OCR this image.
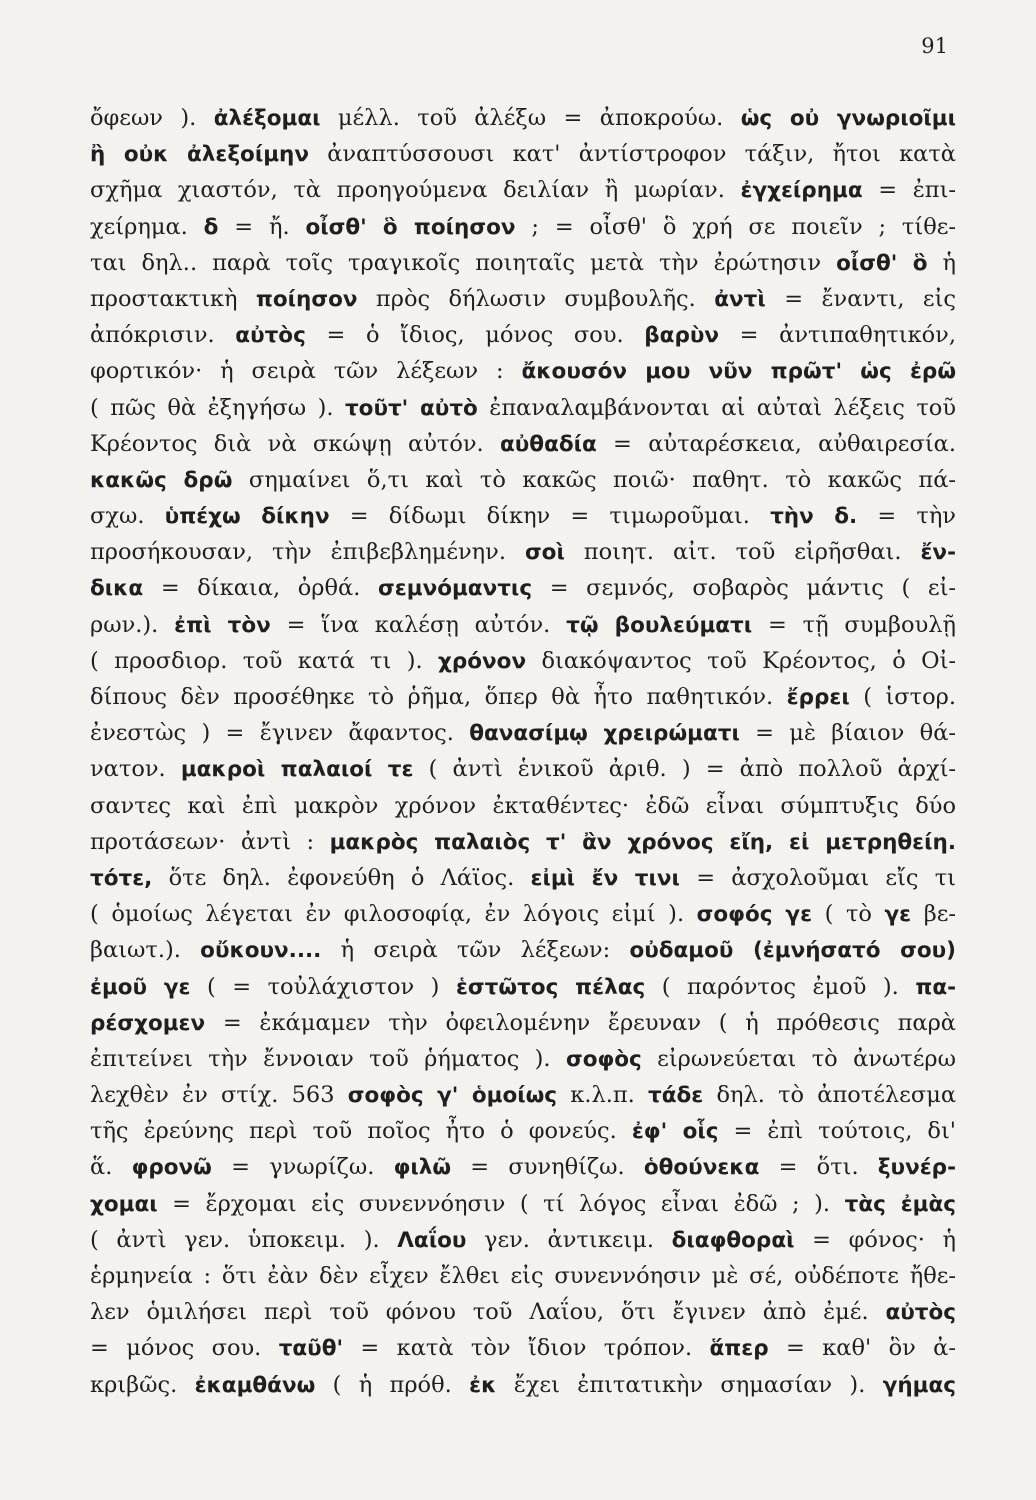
91
ὄφεων ). ἀλέξομαι μέλλ. τοῦ ἀλέξω = ἀποκρούω. ὡς οὐ γνωριοῖμι
ἢ οὐκ ἀλεξοίμην ἀναπτύσσουσι κατ' ἀντίστροφον τάξιν, ἤτοι κατὰ
σχῆμα χιαστόν, τὰ προηγούμενα δειλίαν ἢ μωρίαν. ἐγχείρημα = ἐπι-
χείρημα. δ = ἤ. οἶσθ' ὃ ποίησον ; = οἶσθ' ὃ χρή σε ποιεῖν ; τίθε-
ται δηλ.. παρὰ τοῖς τραγικοῖς ποιηταῖς μετὰ τὴν ἐρώτησιν οἶσθ' ὃ ἡ
προστακτικὴ ποίησον πρὸς δήλωσιν συμβουλῆς. ἀντὶ = ἔναντι, εἰς
ἀπόκρισιν. αὐτὸς = ὁ ἴδιος, μόνος σου. βαρὺν = ἀντιπαθητικόν,
φορτικόν· ἡ σειρὰ τῶν λέξεων : ἄκουσόν μου νῦν πρῶτ' ὡς ἐρῶ
( πῶς θὰ ἐξηγήσω ). τοῦτ' αὐτὸ ἐπαναλαμβάνονται αἱ αὐταὶ λέξεις τοῦ
Κρέοντος διὰ νὰ σκώψῃ αὐτόν. αὐθαδία = αὐταρέσκεια, αὐθαιρεσία.
κακῶς δρῶ σημαίνει ὅ,τι καὶ τὸ κακῶς ποιῶ· παθητ. τὸ κακῶς πά-
σχω. ὑπέχω δίκην = δίδωμι δίκην = τιμωροῦμαι. τὴν δ. = τὴν
προσήκουσαν, τὴν ἐπιβεβλημένην. σοὶ ποιητ. αἰτ. τοῦ εἰρῆσθαι. ἔν-
δικα = δίκαια, ὀρθά. σεμνόμαντις = σεμνός, σοβαρὸς μάντις ( εἰ-
ρων.). ἐπὶ τὸν = ἵνα καλέσῃ αὐτόν. τῷ βουλεύματι = τῇ συμβουλῇ
( προσδιορ. τοῦ κατά τι ). χρόνον διακόψαντος τοῦ Κρέοντος, ὁ Οἰ-
δίπους δὲν προσέθηκε τὸ ῥῆμα, ὅπερ θὰ ἦτο παθητικόν. ἔρρει ( ἱστορ.
ἐνεστὼς ) = ἔγινεν ἄφαντος. θανασίμῳ χρειρώματι = μὲ βίαιον θά-
νατον. μακροὶ παλαιοί τε ( ἀντὶ ἑνικοῦ ἀριθ. ) = ἀπὸ πολλοῦ ἀρχί-
σαντες καὶ ἐπὶ μακρὸν χρόνον ἐκταθέντες· ἐδῶ εἶναι σύμπτυξις δύο
προτάσεων· ἀντὶ : μακρὸς παλαιὸς τ' ἂν χρόνος εἴη, εἰ μετρηθείη.
τότε, ὅτε δηλ. ἐφονεύθη ὁ Λάϊος. εἰμὶ ἔν τινι = ἀσχολοῦμαι εἴς τι
( ὁμοίως λέγεται ἐν φιλοσοφίᾳ, ἐν λόγοις εἰμί ). σοφός γε ( τὸ γε βε-
βαιωτ.). οὔκουν.... ἡ σειρὰ τῶν λέξεων: οὐδαμοῦ (ἐμνήσατό σου)
ἐμοῦ γε ( = τοὐλάχιστον ) ἑστῶτος πέλας ( παρόντος ἐμοῦ ). πα-
ρέσχομεν = ἐκάμαμεν τὴν ὀφειλομένην ἔρευναν ( ἡ πρόθεσις παρὰ
ἐπιτείνει τὴν ἔννοιαν τοῦ ῥήματος ). σοφὸς εἰρωνεύεται τὸ ἀνωτέρω
λεχθὲν ἐν στίχ. 563 σοφὸς γ' ὁμοίως κ.λ.π. τάδε δηλ. τὸ ἀποτέλεσμα
τῆς ἐρεύνης περὶ τοῦ ποῖος ἦτο ὁ φονεύς. ἐφ' οἷς = ἐπὶ τούτοις, δι'
ἅ. φρονῶ = γνωρίζω. φιλῶ = συνηθίζω. ὁθούνεκα = ὅτι. ξυνέρ-
χομαι = ἔρχομαι εἰς συνεννόησιν ( τί λόγος εἶναι ἐδῶ ; ). τὰς ἐμὰς
( ἀντὶ γεν. ὑποκειμ. ). Λαΐου γεν. ἀντικειμ. διαφθοραὶ = φόνος· ἡ
ἑρμηνεία : ὅτι ἐὰν δὲν εἶχεν ἔλθει εἰς συνεννόησιν μὲ σέ, οὐδέποτε ἤθε-
λεν ὁμιλήσει περὶ τοῦ φόνου τοῦ Λαΐου, ὅτι ἔγινεν ἀπὸ ἐμέ. αὐτὸς
= μόνος σου. ταῦθ' = κατὰ τὸν ἴδιον τρόπον. ἅπερ = καθ' ὃν ἀ-
κριβῶς. ἐκαμθάνω ( ἡ πρόθ. ἐκ ἔχει ἐπιτατικὴν σημασίαν ). γήμας
